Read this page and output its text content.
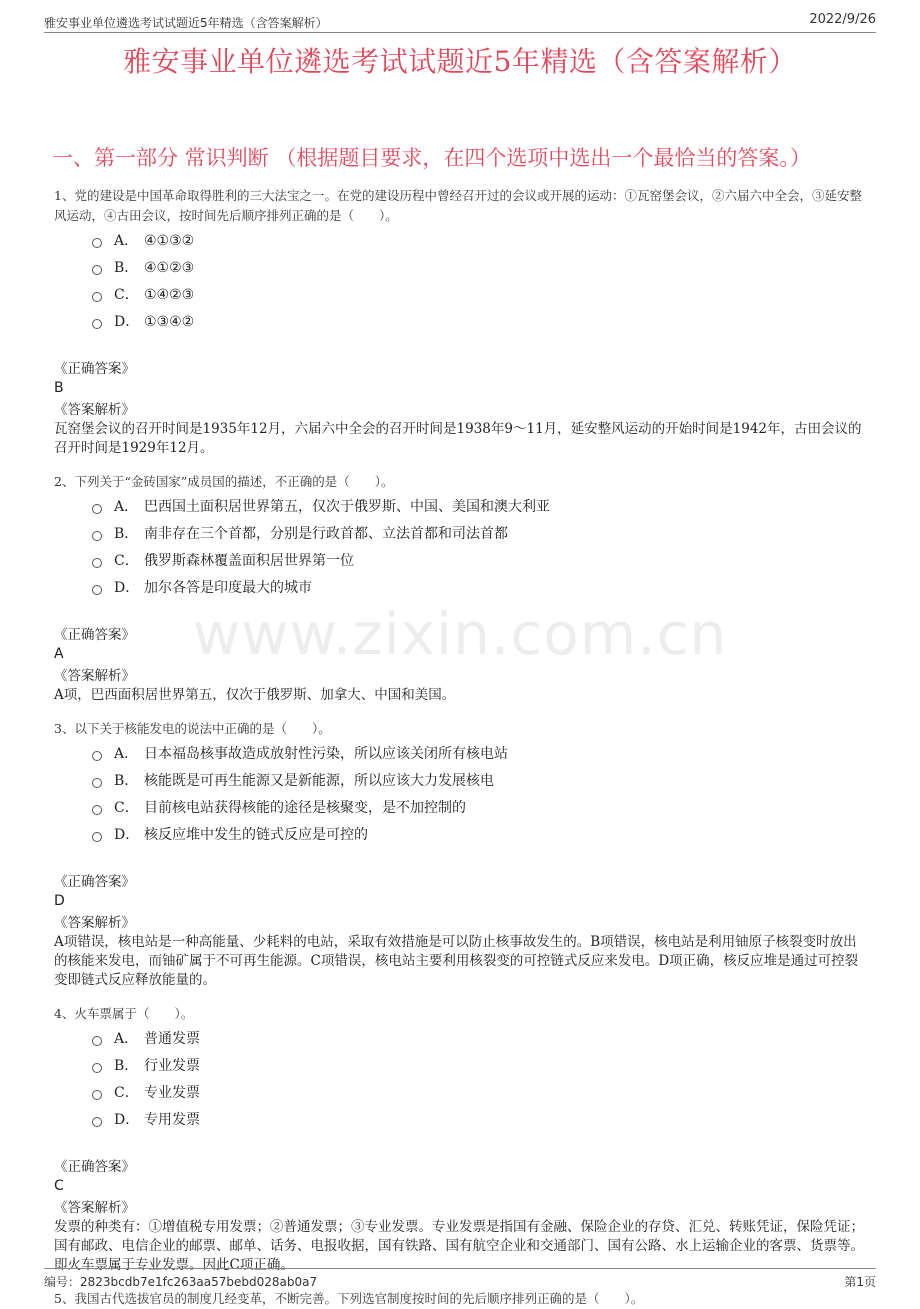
雅安事业单位遴选考试试题近5年精选（含答案解析）	2022/9/26
雅安事业单位遴选考试试题近5年精选（含答案解析）
一、第一部分 常识判断 （根据题目要求，在四个选项中选出一个最恰当的答案。）
www.zixin.com.cn

1、党的建设是中国革命取得胜利的三大法宝之一。在党的建设历程中曾经召开过的会议或开展的运动：①瓦窑堡会议，②六届六中全会，③延安整风运动，④古田会议，按时间先后顺序排列正确的是（　　）。

A． ④①③②
B． ④①②③
C． ①④②③
D． ①③④②

《正确答案》

B

《答案解析》

瓦窑堡会议的召开时间是1935年12月，六届六中全会的召开时间是1938年9～11月，延安整风运动的开始时间是1942年，古田会议的召开时间是1929年12月。

2、下列关于“金砖国家”成员国的描述，不正确的是（　　）。

A． 巴西国土面积居世界第五，仅次于俄罗斯、中国、美国和澳大利亚
B． 南非存在三个首都，分别是行政首都、立法首都和司法首都
C． 俄罗斯森林覆盖面积居世界第一位
D． 加尔各答是印度最大的城市

《正确答案》

A

《答案解析》

A项，巴西面积居世界第五，仅次于俄罗斯、加拿大、中国和美国。

3、以下关于核能发电的说法中正确的是（　　）。

A． 日本福岛核事故造成放射性污染，所以应该关闭所有核电站
B． 核能既是可再生能源又是新能源，所以应该大力发展核电
C． 目前核电站获得核能的途径是核聚变，是不加控制的
D． 核反应堆中发生的链式反应是可控的

《正确答案》

D

《答案解析》

A项错误，核电站是一种高能量、少耗料的电站，采取有效措施是可以防止核事故发生的。B项错误，核电站是利用铀原子核裂变时放出的核能来发电，而铀矿属于不可再生能源。C项错误，核电站主要利用核裂变的可控链式反应来发电。D项正确，核反应堆是通过可控裂变即链式反应释放能量的。

4、火车票属于（　　）。

A． 普通发票
B． 行业发票
C． 专业发票
D． 专用发票

《正确答案》

C

《答案解析》

发票的种类有：①增值税专用发票；②普通发票；③专业发票。专业发票是指国有金融、保险企业的存贷、汇兑、转账凭证，保险凭证；国有邮政、电信企业的邮票、邮单、话务、电报收据，国有铁路、国有航空企业和交通部门、国有公路、水上运输企业的客票、货票等。即火车票属于专业发票。因此C项正确。

5、我国古代选拔官员的制度几经变革，不断完善。下列选官制度按时间的先后顺序排列正确的是（　　）。

编号：2823bcdb7e1fc263aa57bebd028ab0a7	第1页
